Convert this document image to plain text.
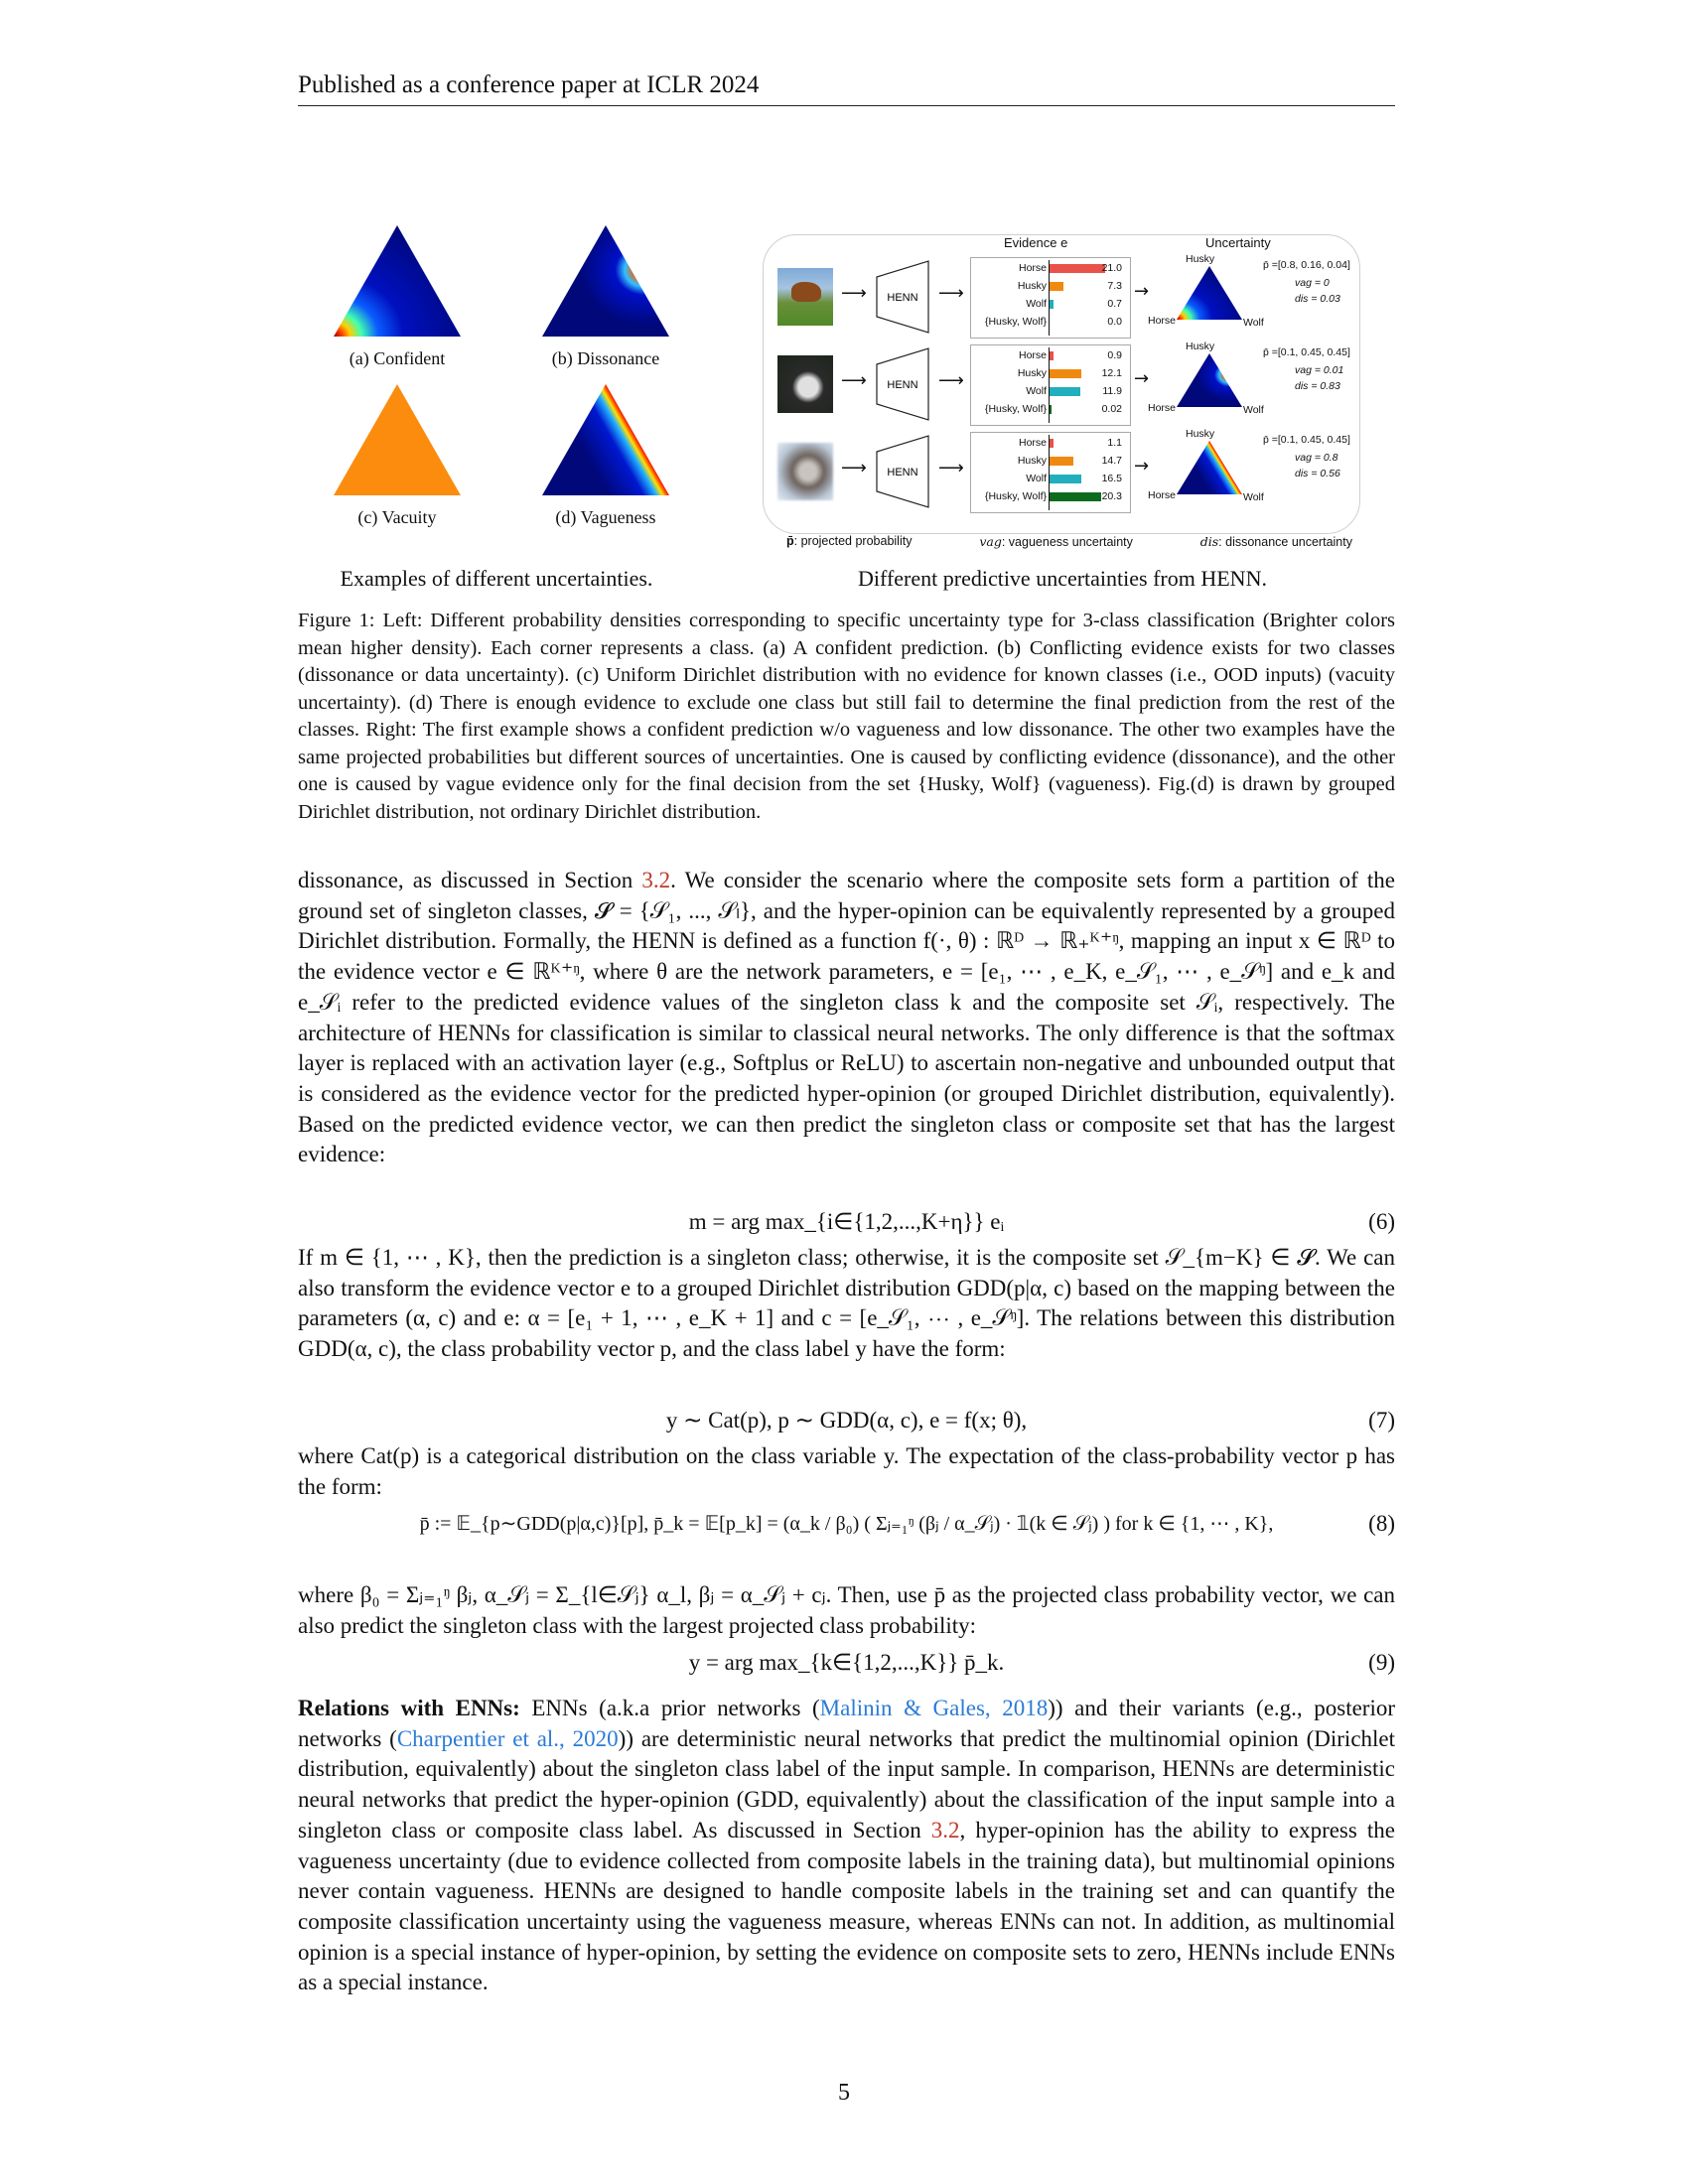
Published as a conference paper at ICLR 2024
(a) Confident	(b) Dissonance
(c) Vacuity	(d) Vagueness
Examples of different uncertainties.
Evidence e	Uncertainty
⟶ HENN ⟶
Horse	21.0
Husky	7.3
Wolf	0.7
{Husky, Wolf}	0.0
→
Husky
Horse	Wolf
p̄ =[0.8, 0.16, 0.04]
vag = 0
dis = 0.03
⟶ HENN ⟶
Horse	0.9
Husky	12.1
Wolf	11.9
{Husky, Wolf}	0.02
→
Husky
Horse	Wolf
p̄ =[0.1, 0.45, 0.45]
vag = 0.01
dis = 0.83
⟶ HENN ⟶
Horse	1.1
Husky	14.7
Wolf	16.5
{Husky, Wolf}	20.3
→
Husky
Horse	Wolf
p̄ =[0.1, 0.45, 0.45]
vag = 0.8
dis = 0.56
p̄: projected probability	vag: vagueness uncertainty	dis: dissonance uncertainty
Different predictive uncertainties from HENN.
Figure 1: Left: Different probability densities corresponding to specific uncertainty type for 3-class classification (Brighter colors mean higher density). Each corner represents a class. (a) A confident prediction. (b) Conflicting evidence exists for two classes (dissonance or data uncertainty). (c) Uniform Dirichlet distribution with no evidence for known classes (i.e., OOD inputs) (vacuity uncertainty). (d) There is enough evidence to exclude one class but still fail to determine the final prediction from the rest of the classes. Right: The first example shows a confident prediction w/o vagueness and low dissonance. The other two examples have the same projected probabilities but different sources of uncertainties. One is caused by conflicting evidence (dissonance), and the other one is caused by vague evidence only for the final decision from the set {Husky, Wolf} (vagueness). Fig.(d) is drawn by grouped Dirichlet distribution, not ordinary Dirichlet distribution.
dissonance, as discussed in Section 3.2. We consider the scenario where the composite sets form a partition of the ground set of singleton classes, 𝓢 = {𝒮₁, ..., 𝒮ₗ}, and the hyper-opinion can be equivalently represented by a grouped Dirichlet distribution. Formally, the HENN is defined as a function f(·, θ) : ℝᴰ → ℝ₊ᴷ⁺ᵑ, mapping an input x ∈ ℝᴰ to the evidence vector e ∈ ℝᴷ⁺ᵑ, where θ are the network parameters, e = [e₁, ⋯ , e_K, e_𝒮₁, ⋯ , e_𝒮ᵑ] and e_k and e_𝒮ᵢ refer to the predicted evidence values of the singleton class k and the composite set 𝒮ᵢ, respectively. The architecture of HENNs for classification is similar to classical neural networks. The only difference is that the softmax layer is replaced with an activation layer (e.g., Softplus or ReLU) to ascertain non-negative and unbounded output that is considered as the evidence vector for the predicted hyper-opinion (or grouped Dirichlet distribution, equivalently). Based on the predicted evidence vector, we can then predict the singleton class or composite set that has the largest evidence:
m = arg max_{i∈{1,2,...,K+η}} eᵢ	(6)
If m ∈ {1, ⋯ , K}, then the prediction is a singleton class; otherwise, it is the composite set 𝒮_{m−K} ∈ 𝓢. We can also transform the evidence vector e to a grouped Dirichlet distribution GDD(p|α, c) based on the mapping between the parameters (α, c) and e: α = [e₁ + 1, ⋯ , e_K + 1] and c = [e_𝒮₁, ⋯ , e_𝒮ᵑ]. The relations between this distribution GDD(α, c), the class probability vector p, and the class label y have the form:
y ∼ Cat(p), p ∼ GDD(α, c), e = f(x; θ),	(7)
where Cat(p) is a categorical distribution on the class variable y. The expectation of the class-probability vector p has the form:
p̄ := 𝔼_{p∼GDD(p|α,c)}[p], p̄_k = 𝔼[p_k] = (α_k / β₀) ( Σⱼ₌₁ᵑ (βⱼ / α_𝒮ⱼ) · 𝟙(k ∈ 𝒮ⱼ) ) for k ∈ {1, ⋯ , K},	(8)
where β₀ = Σⱼ₌₁ᵑ βⱼ, α_𝒮ⱼ = Σ_{l∈𝒮ⱼ} α_l, βⱼ = α_𝒮ⱼ + cⱼ. Then, use p̄ as the projected class probability vector, we can also predict the singleton class with the largest projected class probability:
y = arg max_{k∈{1,2,...,K}} p̄_k.	(9)
Relations with ENNs: ENNs (a.k.a prior networks (Malinin & Gales, 2018)) and their variants (e.g., posterior networks (Charpentier et al., 2020)) are deterministic neural networks that predict the multinomial opinion (Dirichlet distribution, equivalently) about the singleton class label of the input sample. In comparison, HENNs are deterministic neural networks that predict the hyper-opinion (GDD, equivalently) about the classification of the input sample into a singleton class or composite class label. As discussed in Section 3.2, hyper-opinion has the ability to express the vagueness uncertainty (due to evidence collected from composite labels in the training data), but multinomial opinions never contain vagueness. HENNs are designed to handle composite labels in the training set and can quantify the composite classification uncertainty using the vagueness measure, whereas ENNs can not. In addition, as multinomial opinion is a special instance of hyper-opinion, by setting the evidence on composite sets to zero, HENNs include ENNs as a special instance.
5
